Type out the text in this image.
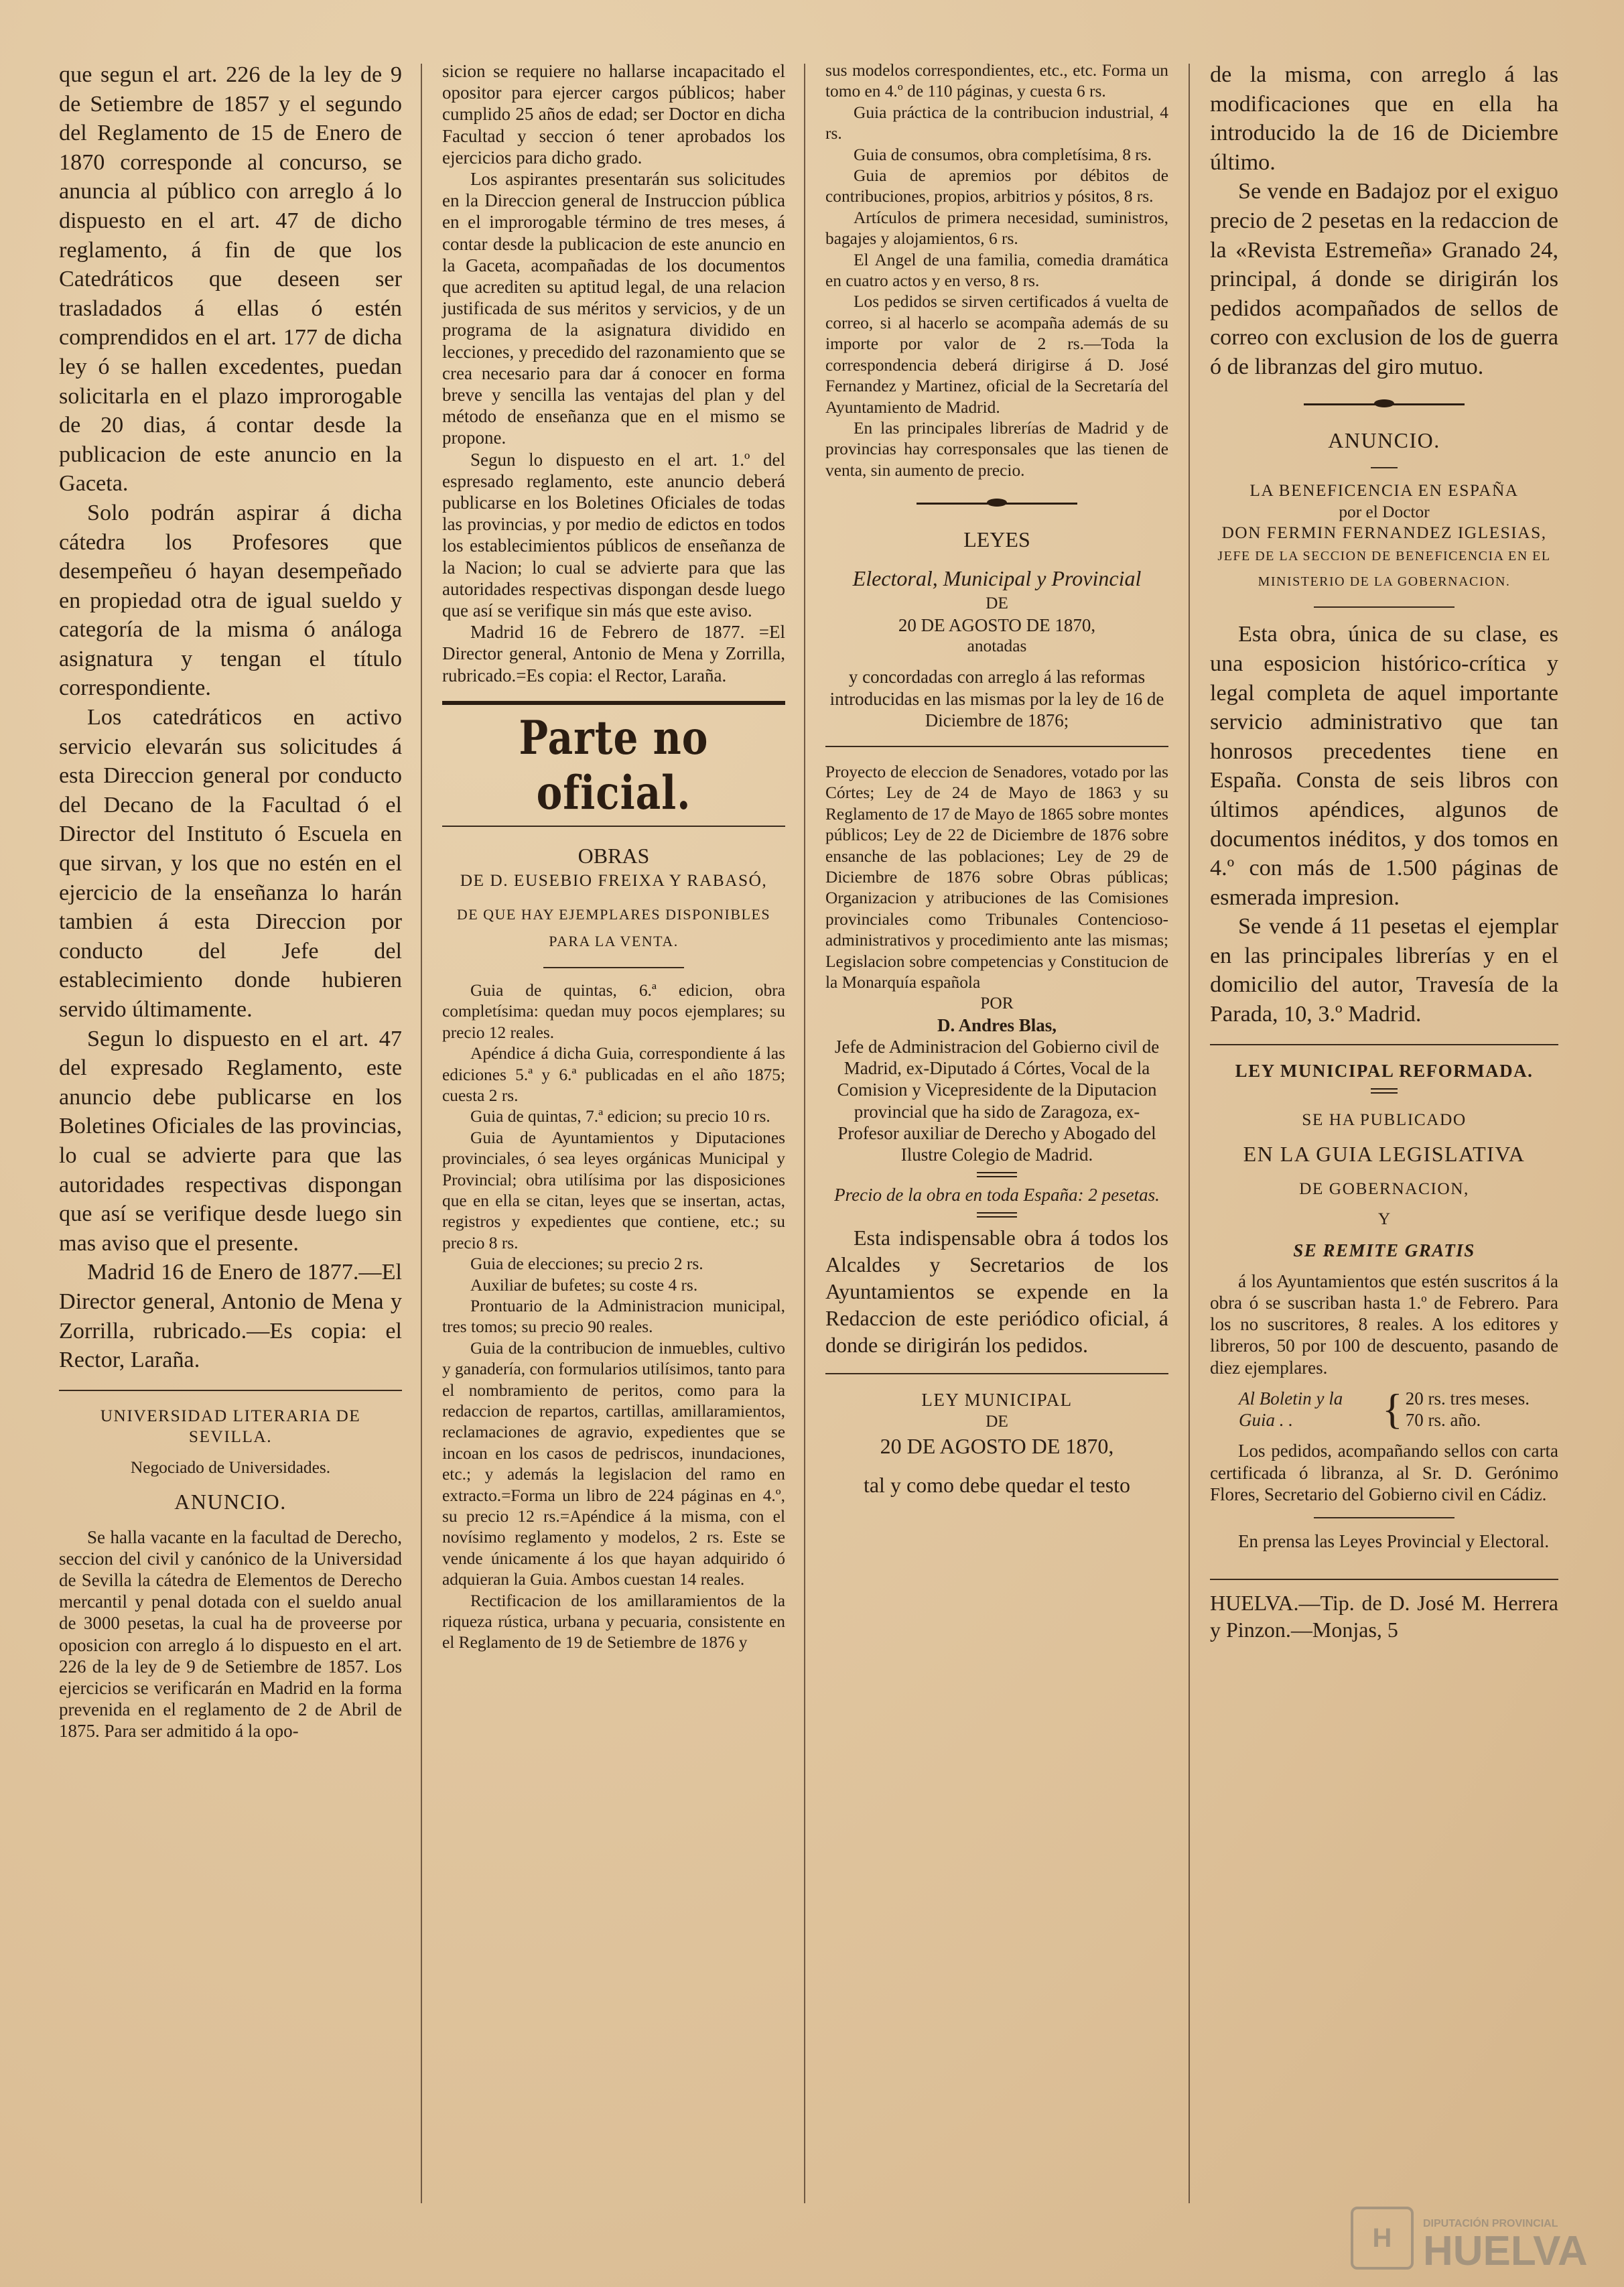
que segun el art. 226 de la ley de 9 de Setiembre de 1857 y el segundo del Reglamento de 15 de Enero de 1870 corresponde al concurso, se anuncia al público con arreglo á lo dispuesto en el art. 47 de dicho reglamento, á fin de que los Catedráticos que deseen ser trasladados á ellas ó estén comprendidos en el art. 177 de dicha ley ó se hallen excedentes, puedan solicitarla en el plazo improrogable de 20 dias, á contar desde la publicacion de este anuncio en la Gaceta.

Solo podrán aspirar á dicha cátedra los Profesores que desempeñeu ó hayan desempeñado en propiedad otra de igual sueldo y categoría de la misma ó análoga asignatura y tengan el título correspondiente.

Los catedráticos en activo servicio elevarán sus solicitudes á esta Direccion general por conducto del Decano de la Facultad ó el Director del Instituto ó Escuela en que sirvan, y los que no estén en el ejercicio de la enseñanza lo harán tambien á esta Direccion por conducto del Jefe del establecimiento donde hubieren servido últimamente.

Segun lo dispuesto en el art. 47 del expresado Reglamento, este anuncio debe publicarse en los Boletines Oficiales de las provincias, lo cual se advierte para que las autoridades respectivas dispongan que así se verifique desde luego sin mas aviso que el presente.

Madrid 16 de Enero de 1877.—El Director general, Antonio de Mena y Zorrilla, rubricado.—Es copia: el Rector, Laraña.

UNIVERSIDAD LITERARIA DE SEVILLA.

Negociado de Universidades.

ANUNCIO.

Se halla vacante en la facultad de Derecho, seccion del civil y canónico de la Universidad de Sevilla la cátedra de Elementos de Derecho mercantil y penal dotada con el sueldo anual de 3000 pesetas, la cual ha de proveerse por oposicion con arreglo á lo dispuesto en el art. 226 de la ley de 9 de Setiembre de 1857. Los ejercicios se verificarán en Madrid en la forma prevenida en el reglamento de 2 de Abril de 1875. Para ser admitido á la opo-

sicion se requiere no hallarse incapacitado el opositor para ejercer cargos públicos; haber cumplido 25 años de edad; ser Doctor en dicha Facultad y seccion ó tener aprobados los ejercicios para dicho grado.

Los aspirantes presentarán sus solicitudes en la Direccion general de Instruccion pública en el improrogable término de tres meses, á contar desde la publicacion de este anuncio en la Gaceta, acompañadas de los documentos que acrediten su aptitud legal, de una relacion justificada de sus méritos y servicios, y de un programa de la asignatura dividido en lecciones, y precedido del razonamiento que se crea necesario para dar á conocer en forma breve y sencilla las ventajas del plan y del método de enseñanza que en el mismo se propone.

Segun lo dispuesto en el art. 1.º del espresado reglamento, este anuncio deberá publicarse en los Boletines Oficiales de todas las provincias, y por medio de edictos en todos los establecimientos públicos de enseñanza de la Nacion; lo cual se advierte para que las autoridades respectivas dispongan desde luego que así se verifique sin más que este aviso.

Madrid 16 de Febrero de 1877. =El Director general, Antonio de Mena y Zorrilla, rubricado.=Es copia: el Rector, Laraña.

Parte no oficial.

OBRAS

DE D. EUSEBIO FREIXA Y RABASÓ,

DE QUE HAY EJEMPLARES DISPONIBLES PARA LA VENTA.

Guia de quintas, 6.ª edicion, obra completísima: quedan muy pocos ejemplares; su precio 12 reales.

Apéndice á dicha Guia, correspondiente á las ediciones 5.ª y 6.ª publicadas en el año 1875; cuesta 2 rs.

Guia de quintas, 7.ª edicion; su precio 10 rs.

Guia de Ayuntamientos y Diputaciones provinciales, ó sea leyes orgánicas Municipal y Provincial; obra utilísima por las disposiciones que en ella se citan, leyes que se insertan, actas, registros y expedientes que contiene, etc.; su precio 8 rs.

Guia de elecciones; su precio 2 rs.

Auxiliar de bufetes; su coste 4 rs.

Prontuario de la Administracion municipal, tres tomos; su precio 90 reales.

Guia de la contribucion de inmuebles, cultivo y ganadería, con formularios utilísimos, tanto para el nombramiento de peritos, como para la redaccion de repartos, cartillas, amillaramientos, reclamaciones de agravio, expedientes que se incoan en los casos de pedriscos, inundaciones, etc.; y además la legislacion del ramo en extracto.=Forma un libro de 224 páginas en 4.º, su precio 12 rs.=Apéndice á la misma, con el novísimo reglamento y modelos, 2 rs. Este se vende únicamente á los que hayan adquirido ó adquieran la Guia. Ambos cuestan 14 reales.

Rectificacion de los amillaramientos de la riqueza rústica, urbana y pecuaria, consistente en el Reglamento de 19 de Setiembre de 1876 y

sus modelos correspondientes, etc., etc. Forma un tomo en 4.º de 110 páginas, y cuesta 6 rs.

Guia práctica de la contribucion industrial, 4 rs.

Guia de consumos, obra completísima, 8 rs.

Guia de apremios por débitos de contribuciones, propios, arbitrios y pósitos, 8 rs.

Artículos de primera necesidad, suministros, bagajes y alojamientos, 6 rs.

El Angel de una familia, comedia dramática en cuatro actos y en verso, 8 rs.

Los pedidos se sirven certificados á vuelta de correo, si al hacerlo se acompaña además de su importe por valor de 2 rs.—Toda la correspondencia deberá dirigirse á D. José Fernandez y Martinez, oficial de la Secretaría del Ayuntamiento de Madrid.

En las principales librerías de Madrid y de provincias hay corresponsales que las tienen de venta, sin aumento de precio.

LEYES

Electoral, Municipal y Provincial

DE

20 DE AGOSTO DE 1870,

anotadas

y concordadas con arreglo á las reformas introducidas en las mismas por la ley de 16 de Diciembre de 1876;

Proyecto de eleccion de Senadores, votado por las Córtes; Ley de 24 de Mayo de 1863 y su Reglamento de 17 de Mayo de 1865 sobre montes públicos; Ley de 22 de Diciembre de 1876 sobre ensanche de las poblaciones; Ley de 29 de Diciembre de 1876 sobre Obras públicas; Organizacion y atribuciones de las Comisiones provinciales como Tribunales Contencioso-administrativos y procedimiento ante las mismas; Legislacion sobre competencias y Constitucion de la Monarquía española

POR

D. Andres Blas,

Jefe de Administracion del Gobierno civil de Madrid, ex-Diputado á Córtes, Vocal de la Comision y Vicepresidente de la Diputacion provincial que ha sido de Zaragoza, ex-Profesor auxiliar de Derecho y Abogado del Ilustre Colegio de Madrid.

Precio de la obra en toda España: 2 pesetas.

Esta indispensable obra á todos los Alcaldes y Secretarios de los Ayuntamientos se expende en la Redaccion de este periódico oficial, á donde se dirigirán los pedidos.

LEY MUNICIPAL

DE

20 DE AGOSTO DE 1870,

tal y como debe quedar el testo

de la misma, con arreglo á las modificaciones que en ella ha introducido la de 16 de Diciembre último.

Se vende en Badajoz por el exiguo precio de 2 pesetas en la redaccion de la «Revista Estremeña» Granado 24, principal, á donde se dirigirán los pedidos acompañados de sellos de correo con exclusion de los de guerra ó de libranzas del giro mutuo.

ANUNCIO.

LA BENEFICENCIA EN ESPAÑA

por el Doctor

DON FERMIN FERNANDEZ IGLESIAS,

JEFE DE LA SECCION DE BENEFICENCIA EN EL MINISTERIO DE LA GOBERNACION.

Esta obra, única de su clase, es una esposicion histórico-crítica y legal completa de aquel importante servicio administrativo que tan honrosos precedentes tiene en España. Consta de seis libros con últimos apéndices, algunos de documentos inéditos, y dos tomos en 4.º con más de 1.500 páginas de esmerada impresion.

Se vende á 11 pesetas el ejemplar en las principales librerías y en el domicilio del autor, Travesía de la Parada, 10, 3.º Madrid.

LEY MUNICIPAL REFORMADA.

SE HA PUBLICADO

EN LA GUIA LEGISLATIVA

DE GOBERNACION,

Y

SE REMITE GRATIS

á los Ayuntamientos que estén suscritos á la obra ó se suscriban hasta 1.º de Febrero. Para los no suscritores, 8 reales. A los editores y libreros, 50 por 100 de descuento, pasando de diez ejemplares.

Al Boletin y la Guia . .	{ 20 rs. tres meses.

70 rs. año.

Los pedidos, acompañando sellos con carta certificada ó libranza, al Sr. D. Gerónimo Flores, Secretario del Gobierno civil en Cádiz.

En prensa las Leyes Provincial y Electoral.

HUELVA.—Tip. de D. José M. Herrera y Pinzon.—Monjas, 5

H	DIPUTACIÓN PROVINCIAL
HUELVA
